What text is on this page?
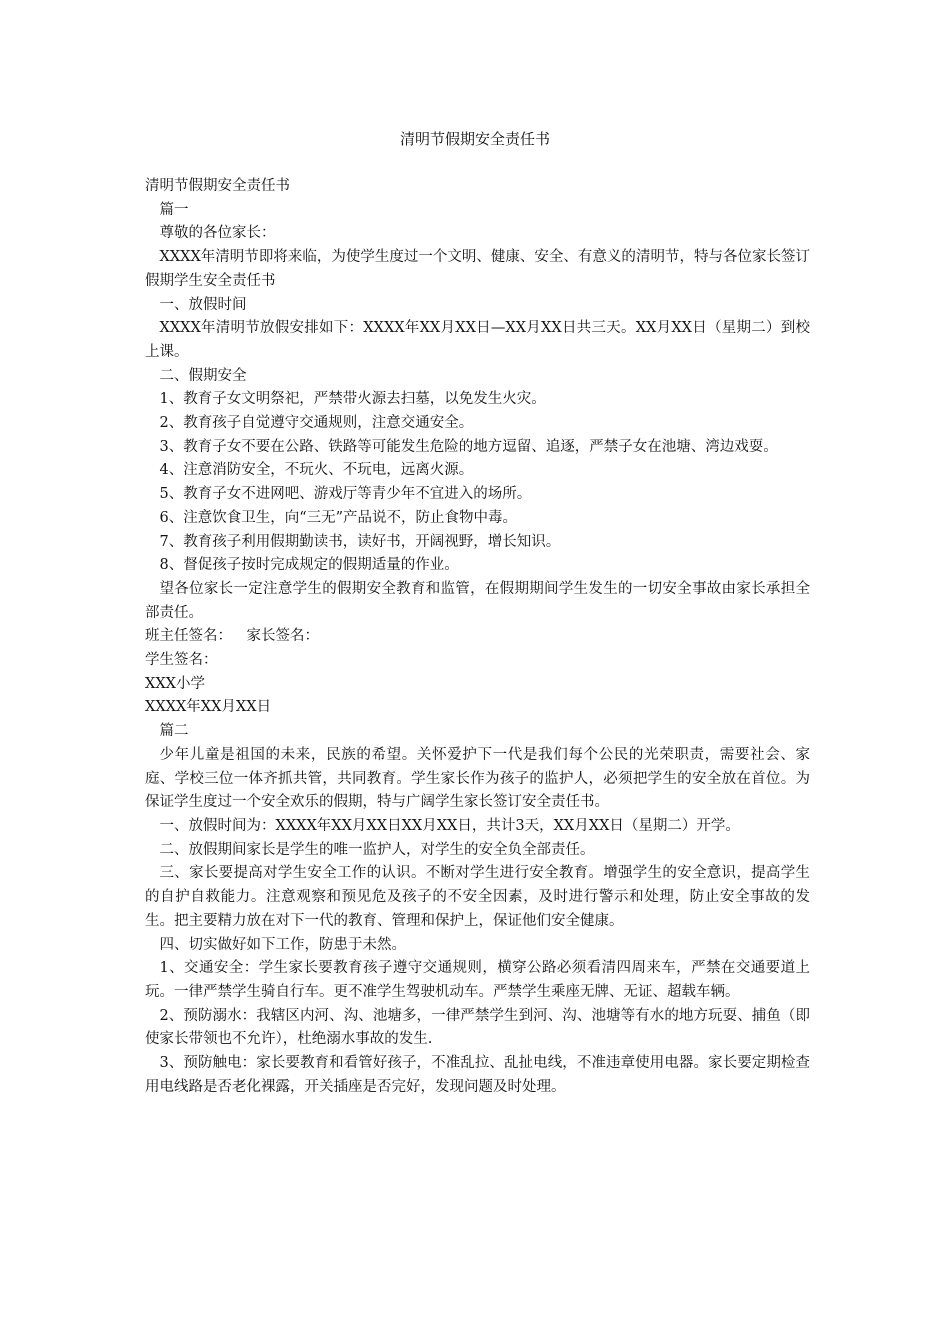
清明节假期安全责任书

清明节假期安全责任书

篇一

尊敬的各位家长：

XXXX年清明节即将来临，为使学生度过一个文明、健康、安全、有意义的清明节，特与各位家长签订假期学生安全责任书

一、放假时间

XXXX年清明节放假安排如下：XXXX年XX月XX日—XX月XX日共三天。XX月XX日（星期二）到校上课。

二、假期安全

1、教育子女文明祭祀，严禁带火源去扫墓，以免发生火灾。

2、教育孩子自觉遵守交通规则，注意交通安全。

3、教育子女不要在公路、铁路等可能发生危险的地方逗留、追逐，严禁子女在池塘、湾边戏耍。

4、注意消防安全，不玩火、不玩电，远离火源。

5、教育子女不进网吧、游戏厅等青少年不宜进入的场所。

6、注意饮食卫生，向“三无”产品说不，防止食物中毒。

7、教育孩子利用假期勤读书，读好书，开阔视野，增长知识。

8、督促孩子按时完成规定的假期适量的作业。

望各位家长一定注意学生的假期安全教育和监管，在假期期间学生发生的一切安全事故由家长承担全部责任。

班主任签名： 家长签名：

学生签名：

XXX小学

XXXX年XX月XX日

篇二

少年儿童是祖国的未来，民族的希望。关怀爱护下一代是我们每个公民的光荣职责，需要社会、家庭、学校三位一体齐抓共管，共同教育。学生家长作为孩子的监护人，必须把学生的安全放在首位。为保证学生度过一个安全欢乐的假期，特与广阔学生家长签订安全责任书。

一、放假时间为：XXXX年XX月XX日XX月XX日，共计3天，XX月XX日（星期二）开学。

二、放假期间家长是学生的唯一监护人，对学生的安全负全部责任。

三、家长要提高对学生安全工作的认识。不断对学生进行安全教育。增强学生的安全意识，提高学生的自护自救能力。注意观察和预见危及孩子的不安全因素，及时进行警示和处理，防止安全事故的发生。把主要精力放在对下一代的教育、管理和保护上，保证他们安全健康。

四、切实做好如下工作，防患于未然。

1、交通安全：学生家长要教育孩子遵守交通规则，横穿公路必须看清四周来车，严禁在交通要道上玩。一律严禁学生骑自行车。更不准学生驾驶机动车。严禁学生乘座无牌、无证、超载车辆。

2、预防溺水：我辖区内河、沟、池塘多，一律严禁学生到河、沟、池塘等有水的地方玩耍、捕鱼（即使家长带领也不允许），杜绝溺水事故的发生.

3、预防触电：家长要教育和看管好孩子，不准乱拉、乱扯电线，不准违章使用电器。家长要定期检查用电线路是否老化裸露，开关插座是否完好，发现问题及时处理。
